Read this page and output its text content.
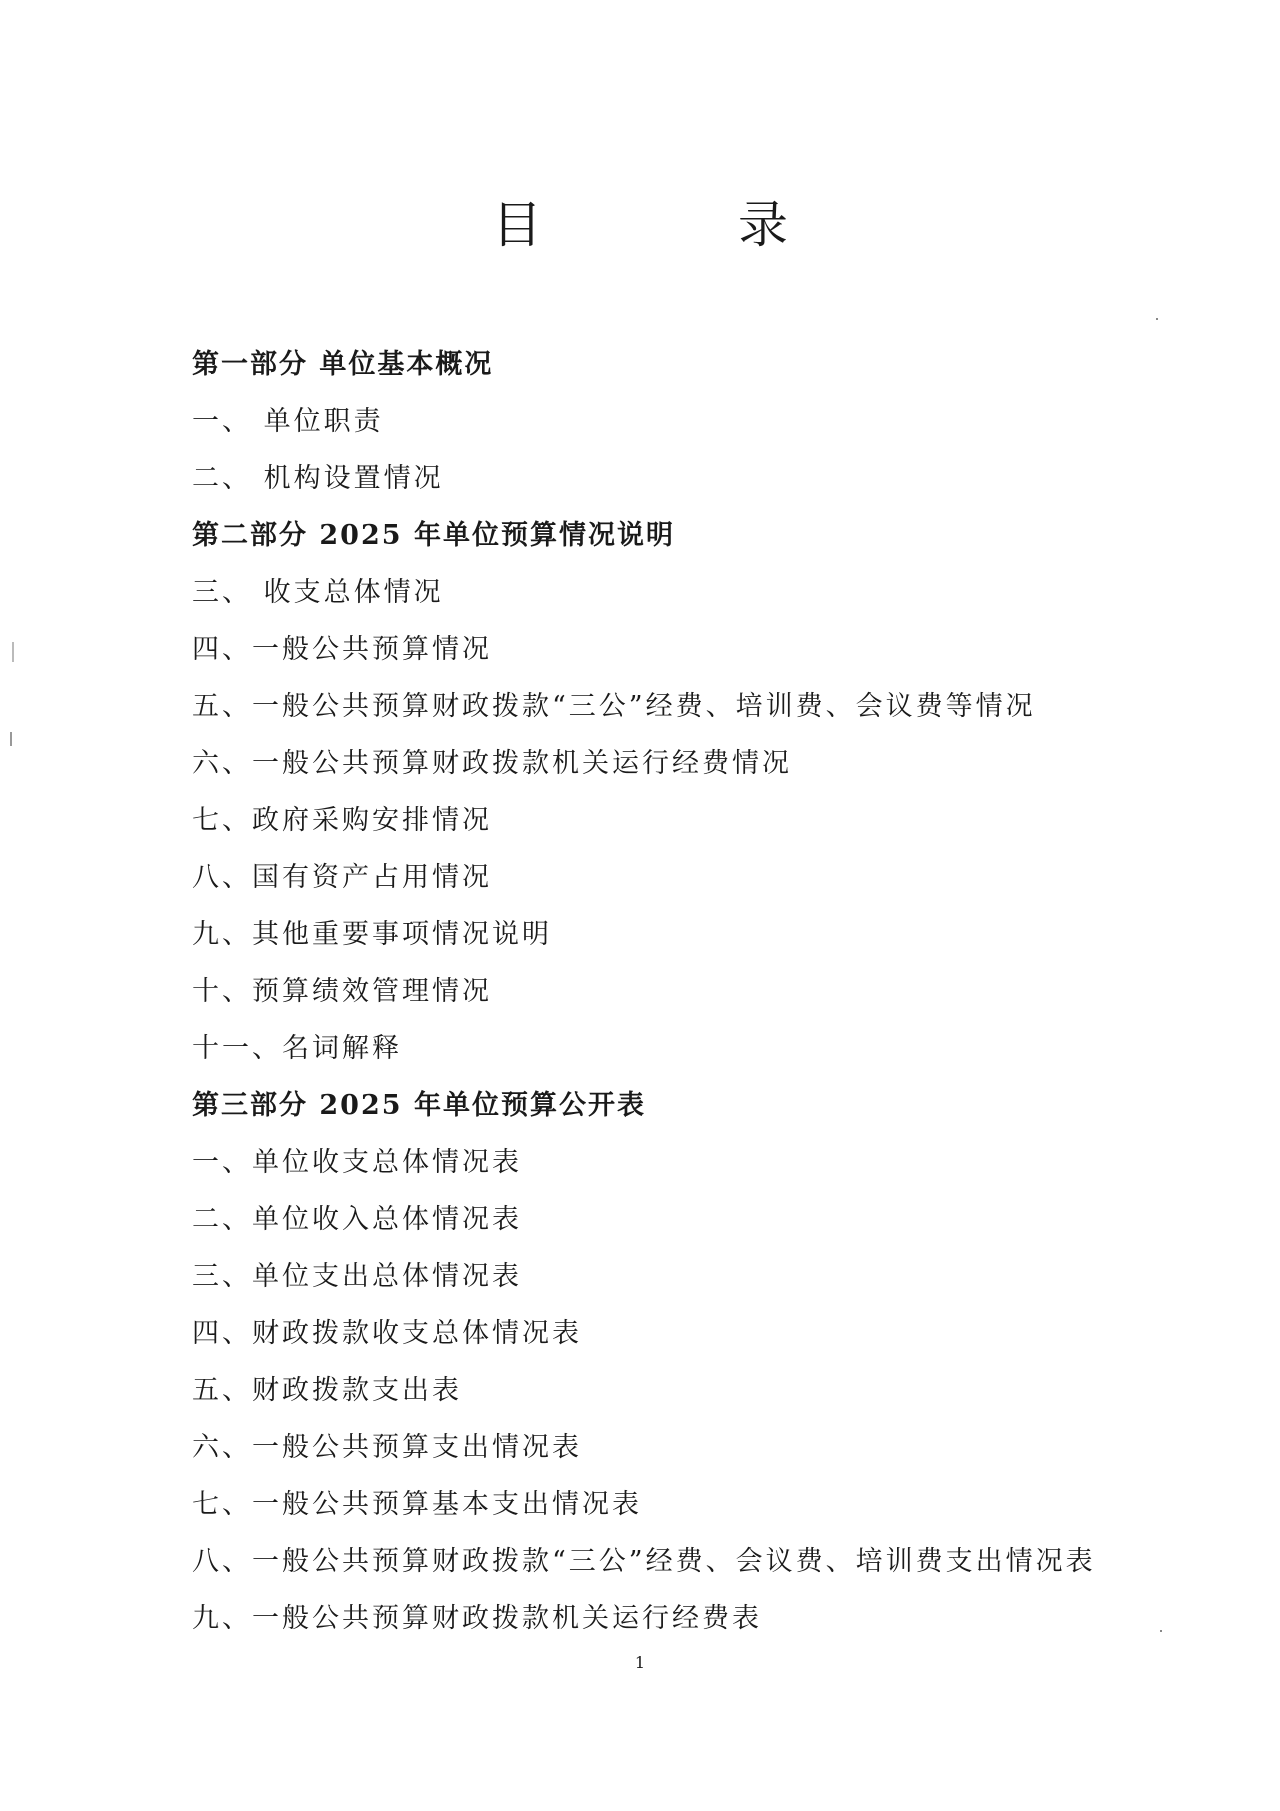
目 录
第一部分 单位基本概况
一、 单位职责
二、 机构设置情况
第二部分 2025 年单位预算情况说明
三、 收支总体情况
四、一般公共预算情况
五、一般公共预算财政拨款“三公”经费、培训费、会议费等情况
六、一般公共预算财政拨款机关运行经费情况
七、政府采购安排情况
八、国有资产占用情况
九、其他重要事项情况说明
十、预算绩效管理情况
十一、名词解释
第三部分 2025 年单位预算公开表
一、单位收支总体情况表
二、单位收入总体情况表
三、单位支出总体情况表
四、财政拨款收支总体情况表
五、财政拨款支出表
六、一般公共预算支出情况表
七、一般公共预算基本支出情况表
八、一般公共预算财政拨款“三公”经费、会议费、培训费支出情况表
九、一般公共预算财政拨款机关运行经费表
1
